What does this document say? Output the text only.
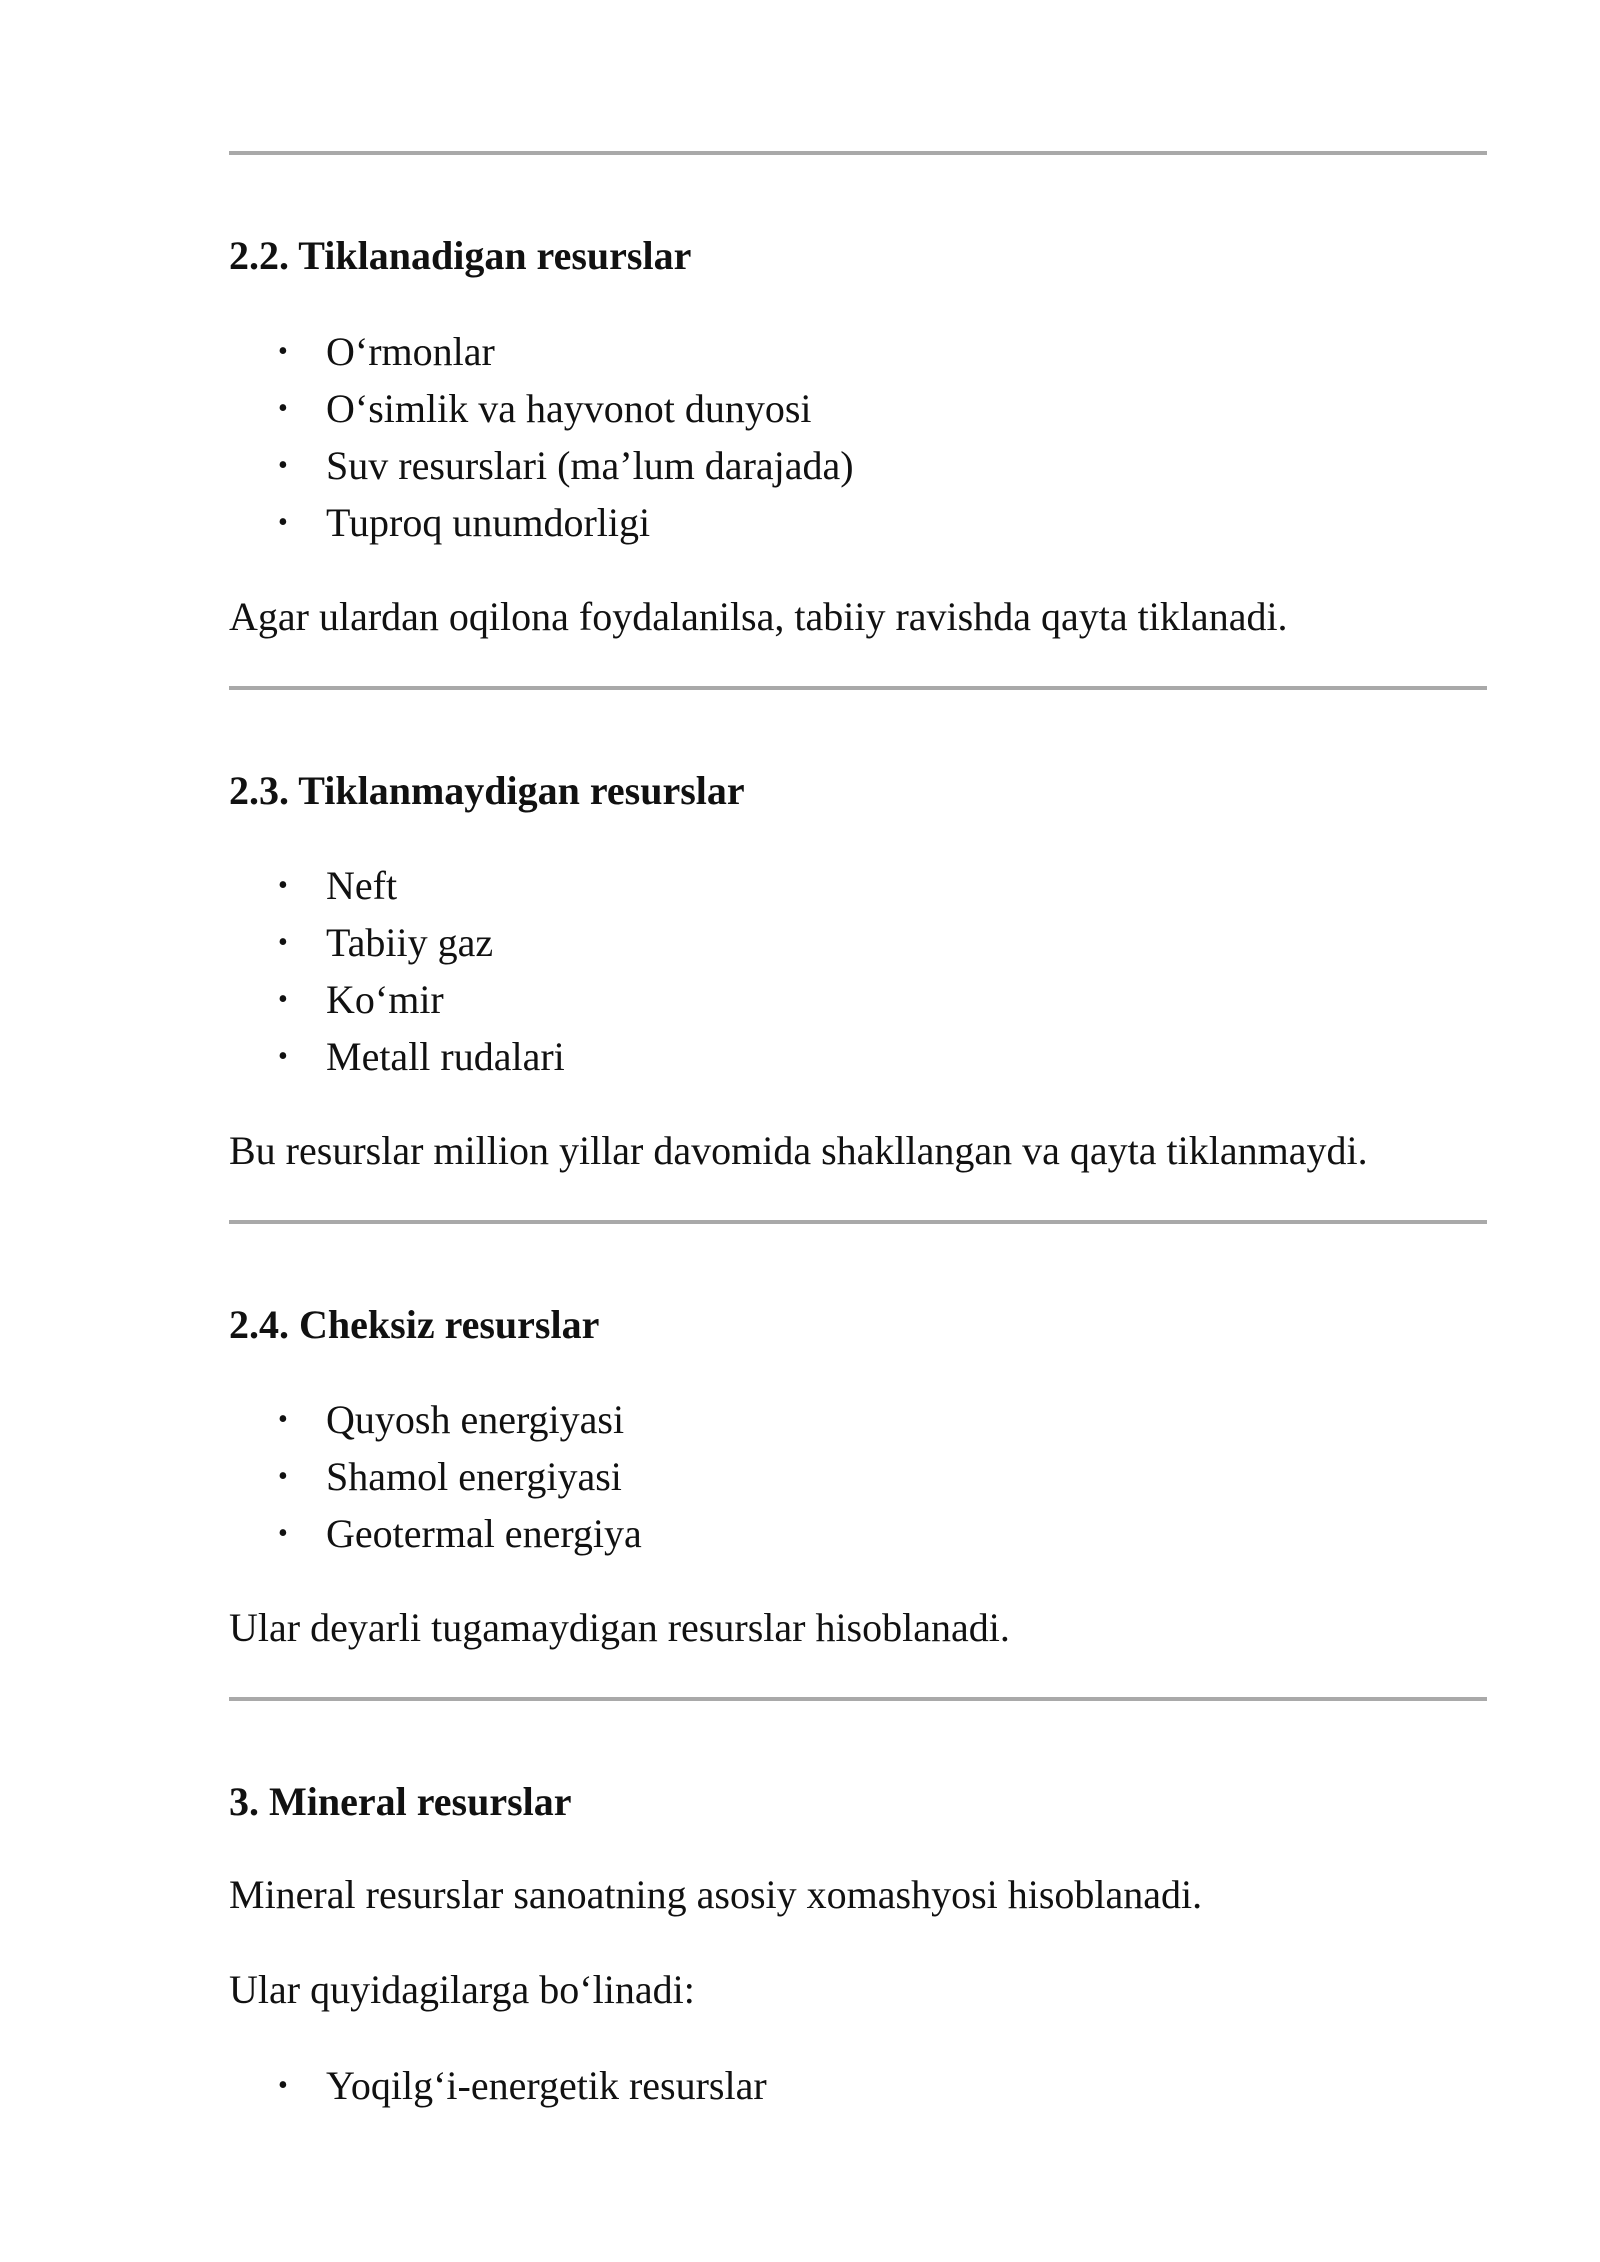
2.2. Tiklanadigan resurslar
• O‘rmonlar
• O‘simlik va hayvonot dunyosi
• Suv resurslari (ma’lum darajada)
• Tuproq unumdorligi

Agar ulardan oqilona foydalanilsa, tabiiy ravishda qayta tiklanadi.

2.3. Tiklanmaydigan resurslar
• Neft
• Tabiiy gaz
• Ko‘mir
• Metall rudalari

Bu resurslar million yillar davomida shakllangan va qayta tiklanmaydi.

2.4. Cheksiz resurslar
• Quyosh energiyasi
• Shamol energiyasi
• Geotermal energiya

Ular deyarli tugamaydigan resurslar hisoblanadi.

3. Mineral resurslar

Mineral resurslar sanoatning asosiy xomashyosi hisoblanadi.

Ular quyidagilarga bo‘linadi:

• Yoqilg‘i-energetik resurslar
